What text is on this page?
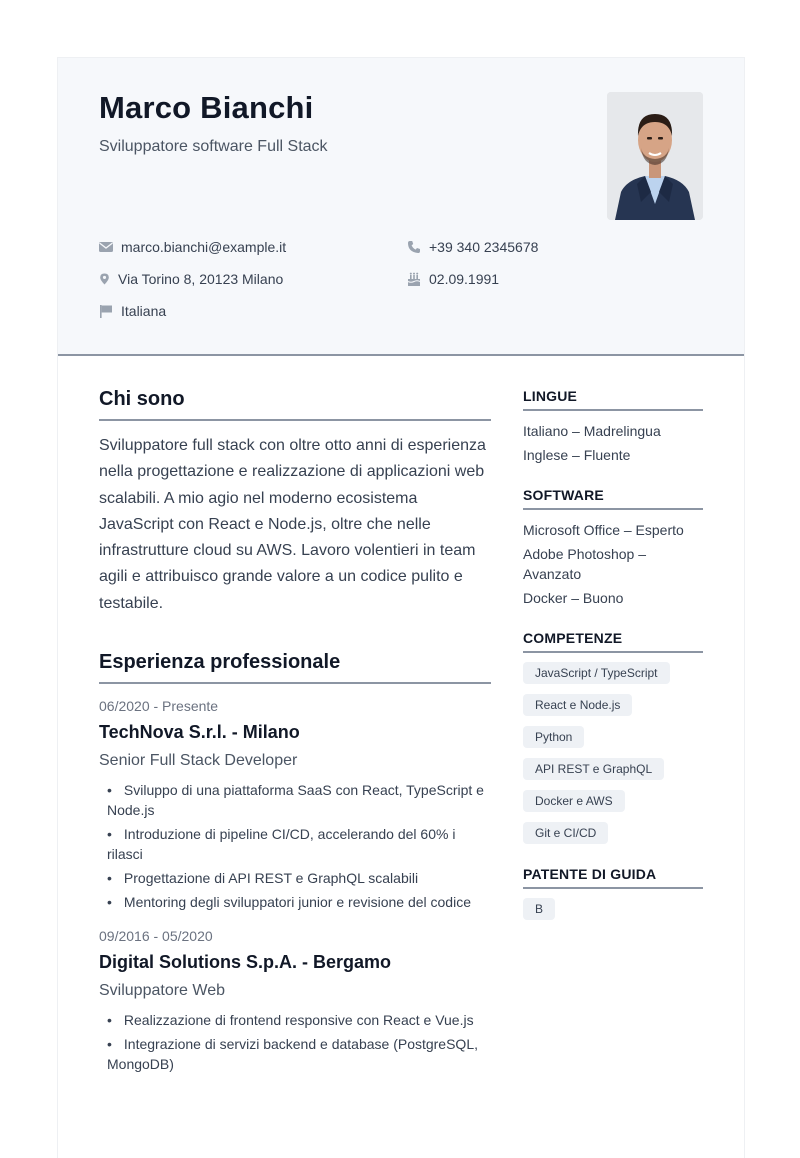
Marco Bianchi
Sviluppatore software Full Stack
marco.bianchi@example.it	+39 340 2345678
Via Torino 8, 20123 Milano	02.09.1991
Italiana
Chi sono

Sviluppatore full stack con oltre otto anni di esperienza nella progettazione e realizzazione di applicazioni web scalabili. A mio agio nel moderno ecosistema JavaScript con React e Node.js, oltre che nelle infrastrutture cloud su AWS. Lavoro volentieri in team agili e attribuisco grande valore a un codice pulito e testabile.

Esperienza professionale
06/2020 - Presente
TechNova S.r.l. - Milano
Senior Full Stack Developer
• Sviluppo di una piattaforma SaaS con React, TypeScript e Node.js
• Introduzione di pipeline CI/CD, accelerando del 60% i rilasci
• Progettazione di API REST e GraphQL scalabili
• Mentoring degli sviluppatori junior e revisione del codice
09/2016 - 05/2020
Digital Solutions S.p.A. - Bergamo
Sviluppatore Web
• Realizzazione di frontend responsive con React e Vue.js
• Integrazione di servizi backend e database (PostgreSQL, MongoDB)
LINGUE
Italiano – Madrelingua
Inglese – Fluente
SOFTWARE
Microsoft Office – Esperto
Adobe Photoshop – Avanzato
Docker – Buono
COMPETENZE
JavaScript / TypeScript
React e Node.js
Python
API REST e GraphQL
Docker e AWS
Git e CI/CD
PATENTE DI GUIDA
B
